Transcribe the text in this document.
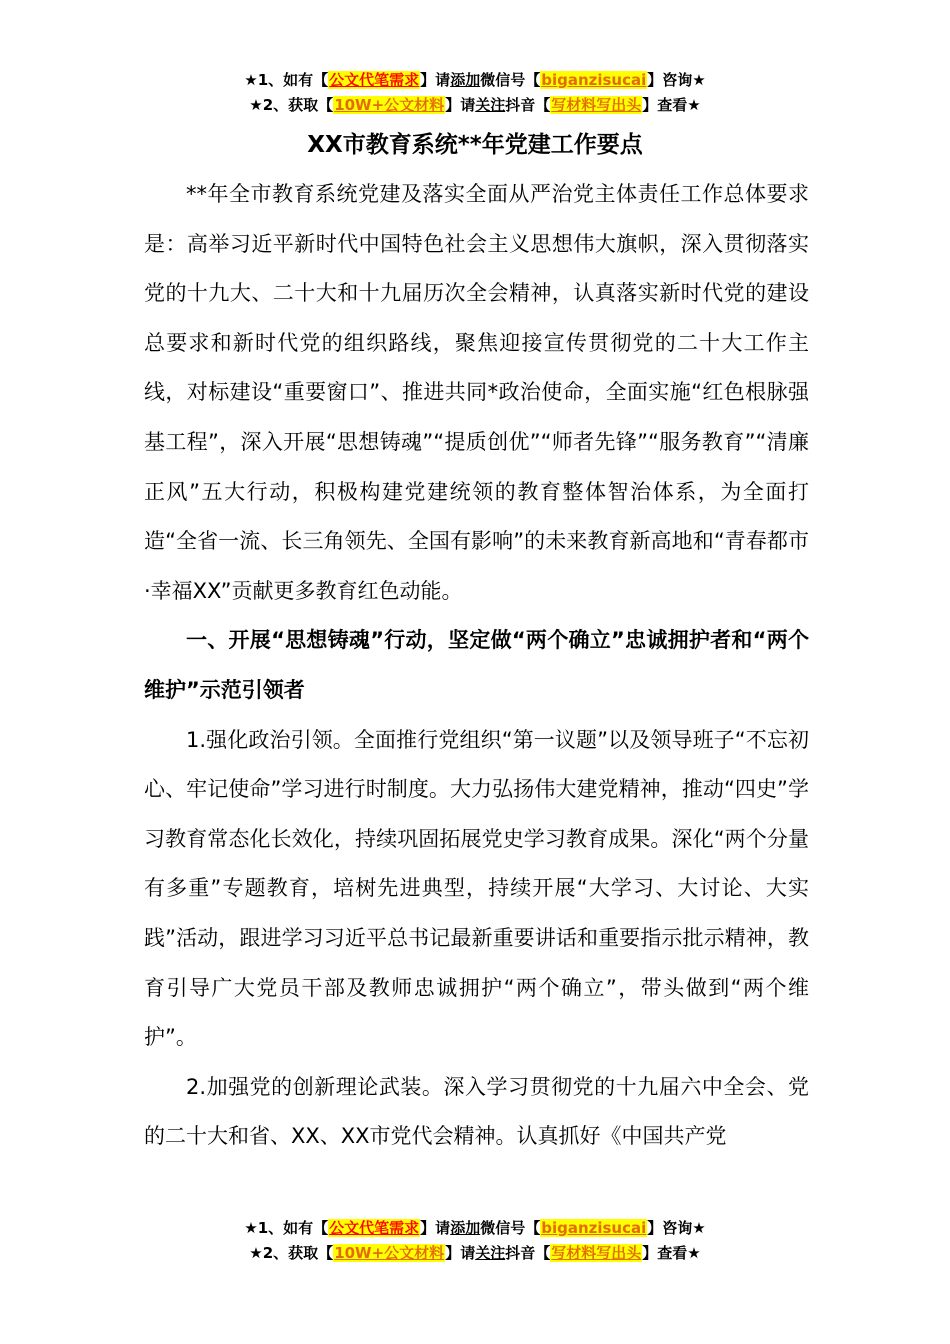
★1、如有【公文代笔需求】请添加微信号【biganzisucai】咨询★
★2、获取【10W+公文材料】请关注抖音【写材料写出头】查看★
XX市教育系统**年党建工作要点

**年全市教育系统党建及落实全面从严治党主体责任工作总体要求是：高举习近平新时代中国特色社会主义思想伟大旗帜，深入贯彻落实党的十九大、二十大和十九届历次全会精神，认真落实新时代党的建设总要求和新时代党的组织路线，聚焦迎接宣传贯彻党的二十大工作主线，对标建设“重要窗口”、推进共同*政治使命，全面实施“红色根脉强基工程”，深入开展“思想铸魂”“提质创优”“师者先锋”“服务教育”“清廉正风”五大行动，积极构建党建统领的教育整体智治体系，为全面打造“全省一流、长三角领先、全国有影响”的未来教育新高地和“青春都市·幸福XX”贡献更多教育红色动能。

一、开展“思想铸魂”行动，坚定做“两个确立”忠诚拥护者和“两个维护”示范引领者

1.强化政治引领。全面推行党组织“第一议题”以及领导班子“不忘初心、牢记使命”学习进行时制度。大力弘扬伟大建党精神，推动“四史”学习教育常态化长效化，持续巩固拓展党史学习教育成果。深化“两个分量有多重”专题教育，培树先进典型，持续开展“大学习、大讨论、大实践”活动，跟进学习习近平总书记最新重要讲话和重要指示批示精神，教育引导广大党员干部及教师忠诚拥护“两个确立”，带头做到“两个维护”。

2.加强党的创新理论武装。深入学习贯彻党的十九届六中全会、党的二十大和省、XX、XX市党代会精神。认真抓好《中国共产党

★1、如有【公文代笔需求】请添加微信号【biganzisucai】咨询★
★2、获取【10W+公文材料】请关注抖音【写材料写出头】查看★
